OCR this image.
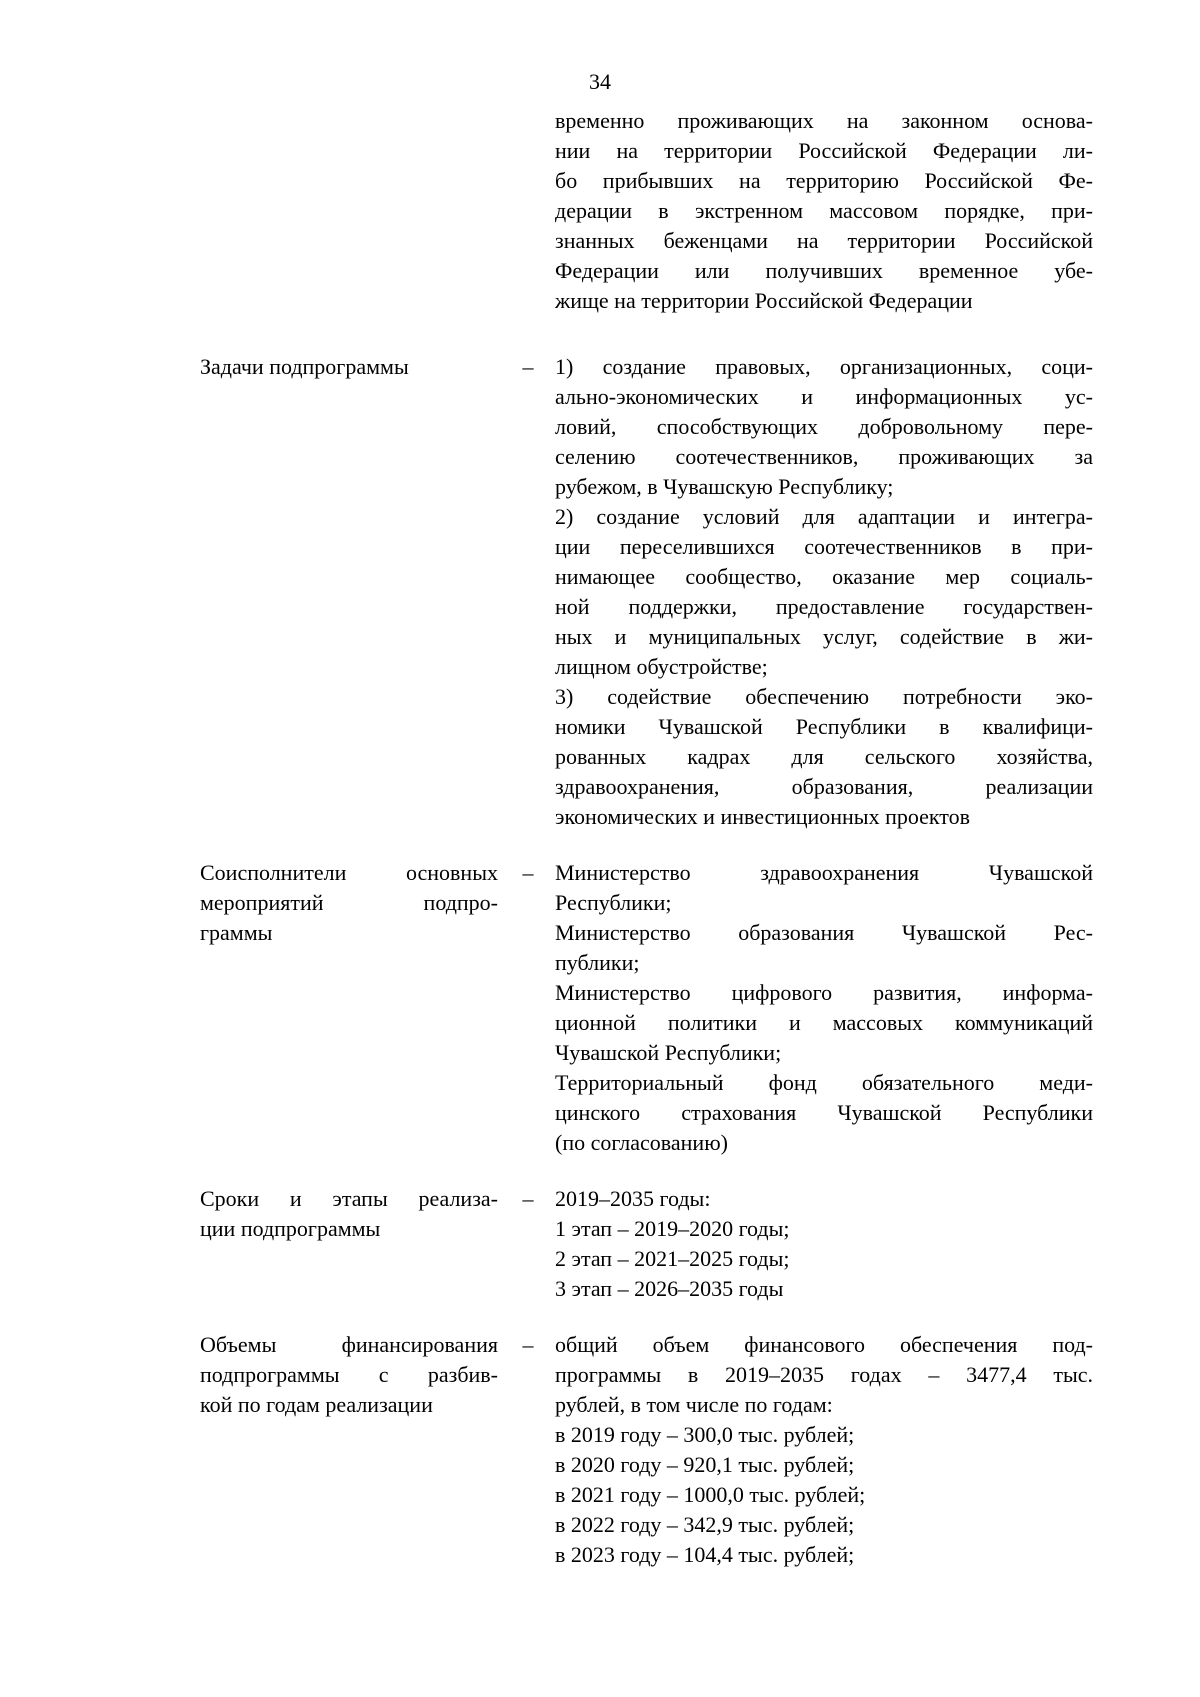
34
временно проживающих на законном основа-
нии на территории Российской Федерации ли-
бо прибывших на территорию Российской Фе-
дерации в экстренном массовом порядке, при-
знанных беженцами на территории Российской
Федерации или получивших временное убе-
жище на территории Российской Федерации
Задачи подпрограммы	– 1) создание правовых, организационных, соци-
ально-экономических и информационных ус-
ловий, способствующих добровольному пере-
селению соотечественников, проживающих за
рубежом, в Чувашскую Республику;
2) создание условий для адаптации и интегра-
ции переселившихся соотечественников в при-
нимающее сообщество, оказание мер социаль-
ной поддержки, предоставление государствен-
ных и муниципальных услуг, содействие в жи-
лищном обустройстве;
3) содействие обеспечению потребности эко-
номики Чувашской Республики в квалифици-
рованных кадрах для сельского хозяйства,
здравоохранения, образования, реализации
экономических и инвестиционных проектов
Соисполнители основных
мероприятий подпро-
граммы
– Министерство здравоохранения Чувашской
Республики;
Министерство образования Чувашской Рес-
публики;
Министерство цифрового развития, информа-
ционной политики и массовых коммуникаций
Чувашской Республики;
Территориальный фонд обязательного меди-
цинского страхования Чувашской Республики
(по согласованию)
Сроки и этапы реализа-
ции подпрограммы
– 2019–2035 годы:
1 этап – 2019–2020 годы;
2 этап – 2021–2025 годы;
3 этап – 2026–2035 годы
Объемы финансирования
подпрограммы с разбив-
кой по годам реализации
– общий объем финансового обеспечения под-
программы в 2019–2035 годах – 3477,4 тыс.
рублей, в том числе по годам:
в 2019 году – 300,0 тыс. рублей;
в 2020 году – 920,1 тыс. рублей;
в 2021 году – 1000,0 тыс. рублей;
в 2022 году – 342,9 тыс. рублей;
в 2023 году – 104,4 тыс. рублей;
